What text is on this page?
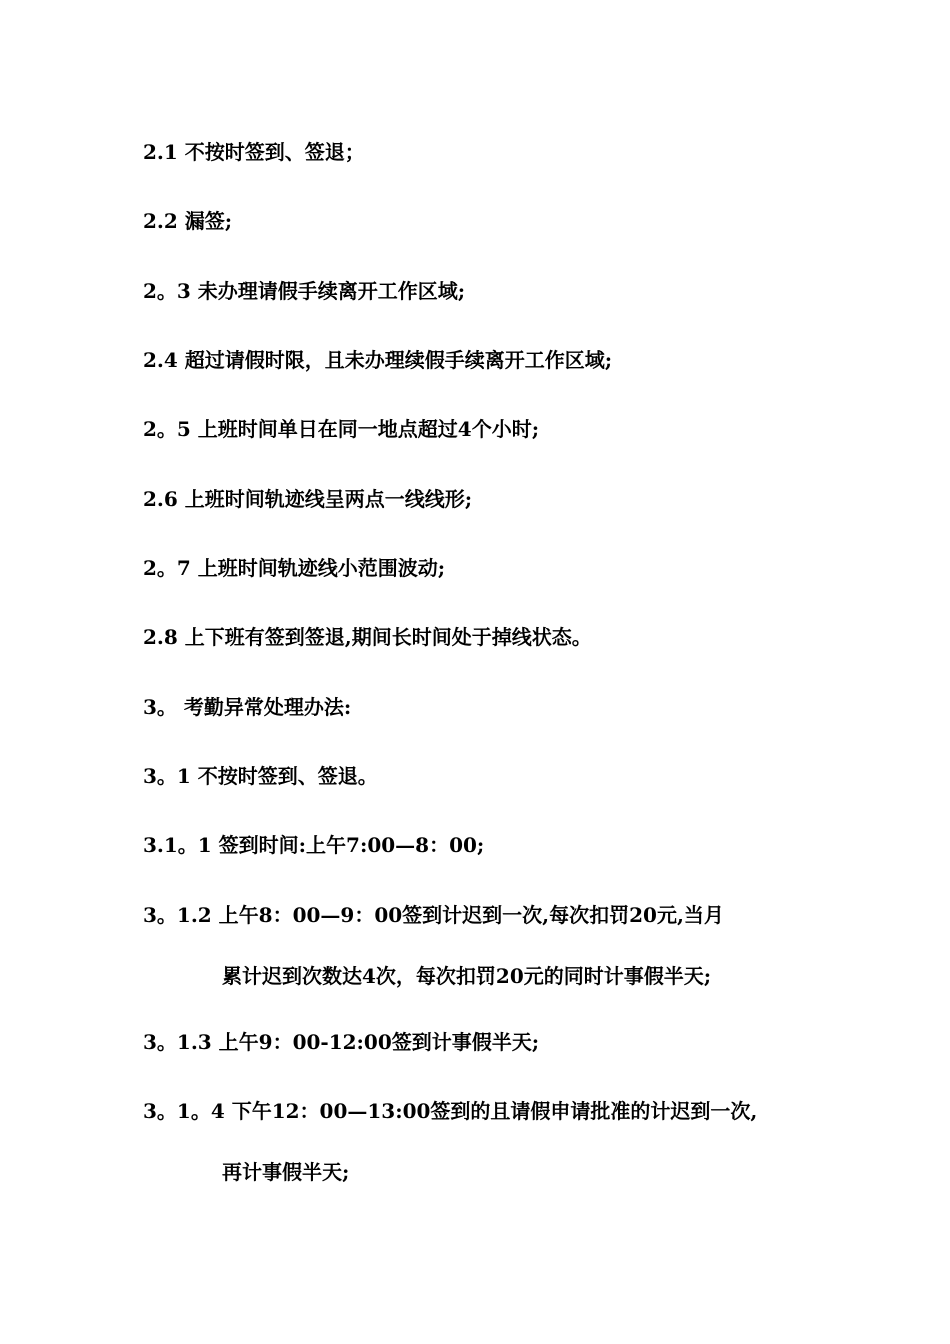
2.1 不按时签到、签退；
2.2 漏签;
2。3 未办理请假手续离开工作区域;
2.4 超过请假时限，且未办理续假手续离开工作区域;
2。5 上班时间单日在同一地点超过4个小时;
2.6 上班时间轨迹线呈两点一线线形;
2。7 上班时间轨迹线小范围波动;
2.8 上下班有签到签退,期间长时间处于掉线状态。
3。 考勤异常处理办法:
3。1 不按时签到、签退。
3.1。1 签到时间:上午7:00—8：00;
3。1.2 上午8：00—9：00签到计迟到一次,每次扣罚20元,当月
累计迟到次数达4次，每次扣罚20元的同时计事假半天;
3。1.3 上午9：00-12:00签到计事假半天;
3。1。4 下午12：00—13:00签到的且请假申请批准的计迟到一次,
再计事假半天;
